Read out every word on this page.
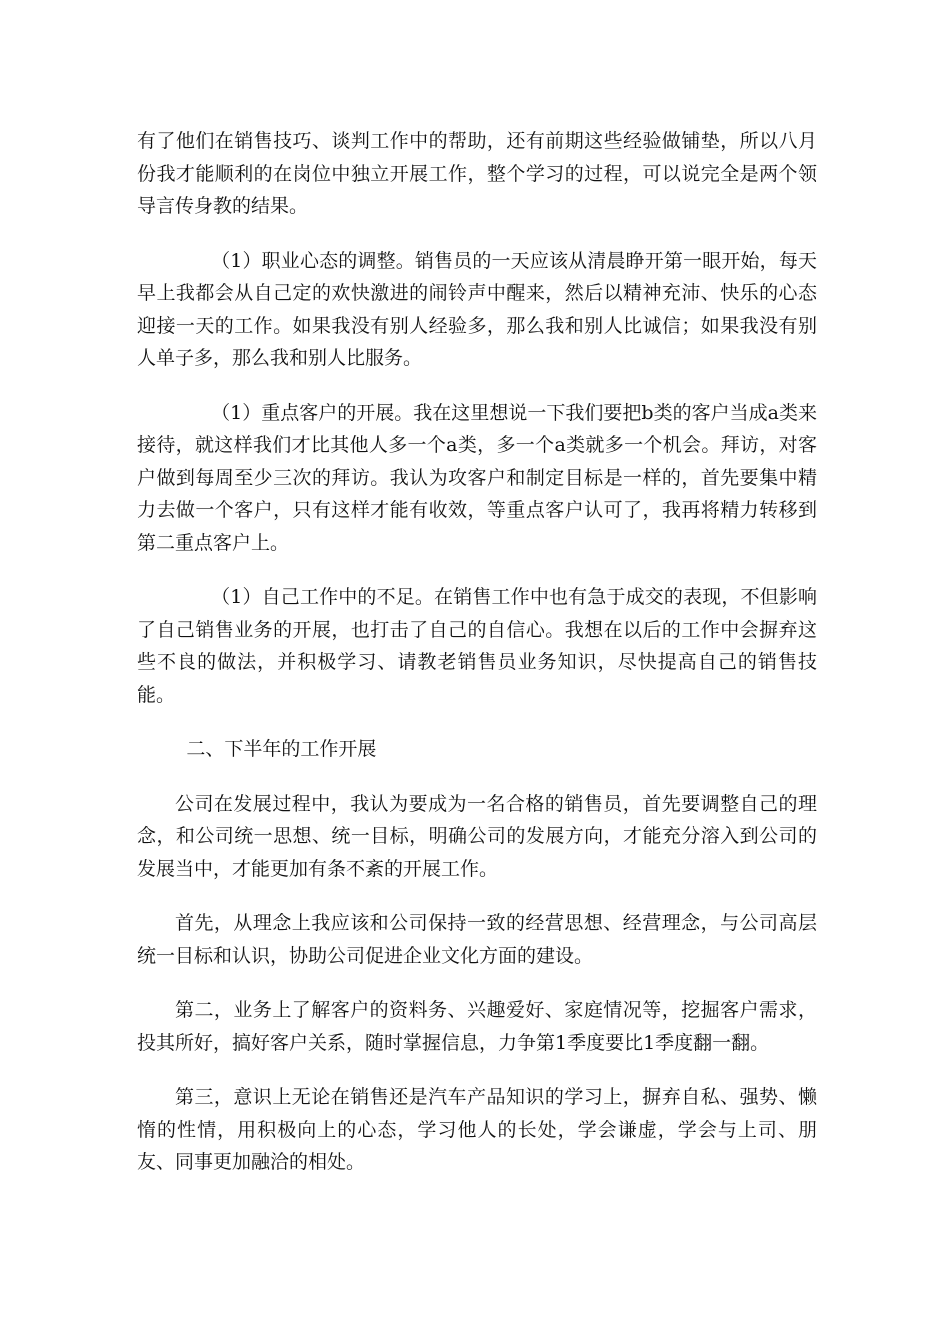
有了他们在销售技巧、谈判工作中的帮助，还有前期这些经验做铺垫，所以八月份我才能顺利的在岗位中独立开展工作，整个学习的过程，可以说完全是两个领导言传身教的结果。

（1）职业心态的调整。销售员的一天应该从清晨睁开第一眼开始，每天早上我都会从自己定的欢快激进的闹铃声中醒来，然后以精神充沛、快乐的心态迎接一天的工作。如果我没有别人经验多，那么我和别人比诚信；如果我没有别人单子多，那么我和别人比服务。

（1）重点客户的开展。我在这里想说一下我们要把b类的客户当成a类来接待，就这样我们才比其他人多一个a类，多一个a类就多一个机会。拜访，对客户做到每周至少三次的拜访。我认为攻客户和制定目标是一样的，首先要集中精力去做一个客户，只有这样才能有收效，等重点客户认可了，我再将精力转移到第二重点客户上。

（1）自己工作中的不足。在销售工作中也有急于成交的表现，不但影响了自己销售业务的开展，也打击了自己的自信心。我想在以后的工作中会摒弃这些不良的做法，并积极学习、请教老销售员业务知识，尽快提高自己的销售技能。

二、下半年的工作开展

公司在发展过程中，我认为要成为一名合格的销售员，首先要调整自己的理念，和公司统一思想、统一目标，明确公司的发展方向，才能充分溶入到公司的发展当中，才能更加有条不紊的开展工作。

首先，从理念上我应该和公司保持一致的经营思想、经营理念，与公司高层统一目标和认识，协助公司促进企业文化方面的建设。

第二，业务上了解客户的资料务、兴趣爱好、家庭情况等，挖掘客户需求，投其所好，搞好客户关系，随时掌握信息，力争第1季度要比1季度翻一翻。

第三，意识上无论在销售还是汽车产品知识的学习上，摒弃自私、强势、懒惰的性情，用积极向上的心态，学习他人的长处，学会谦虚，学会与上司、朋友、同事更加融洽的相处。
